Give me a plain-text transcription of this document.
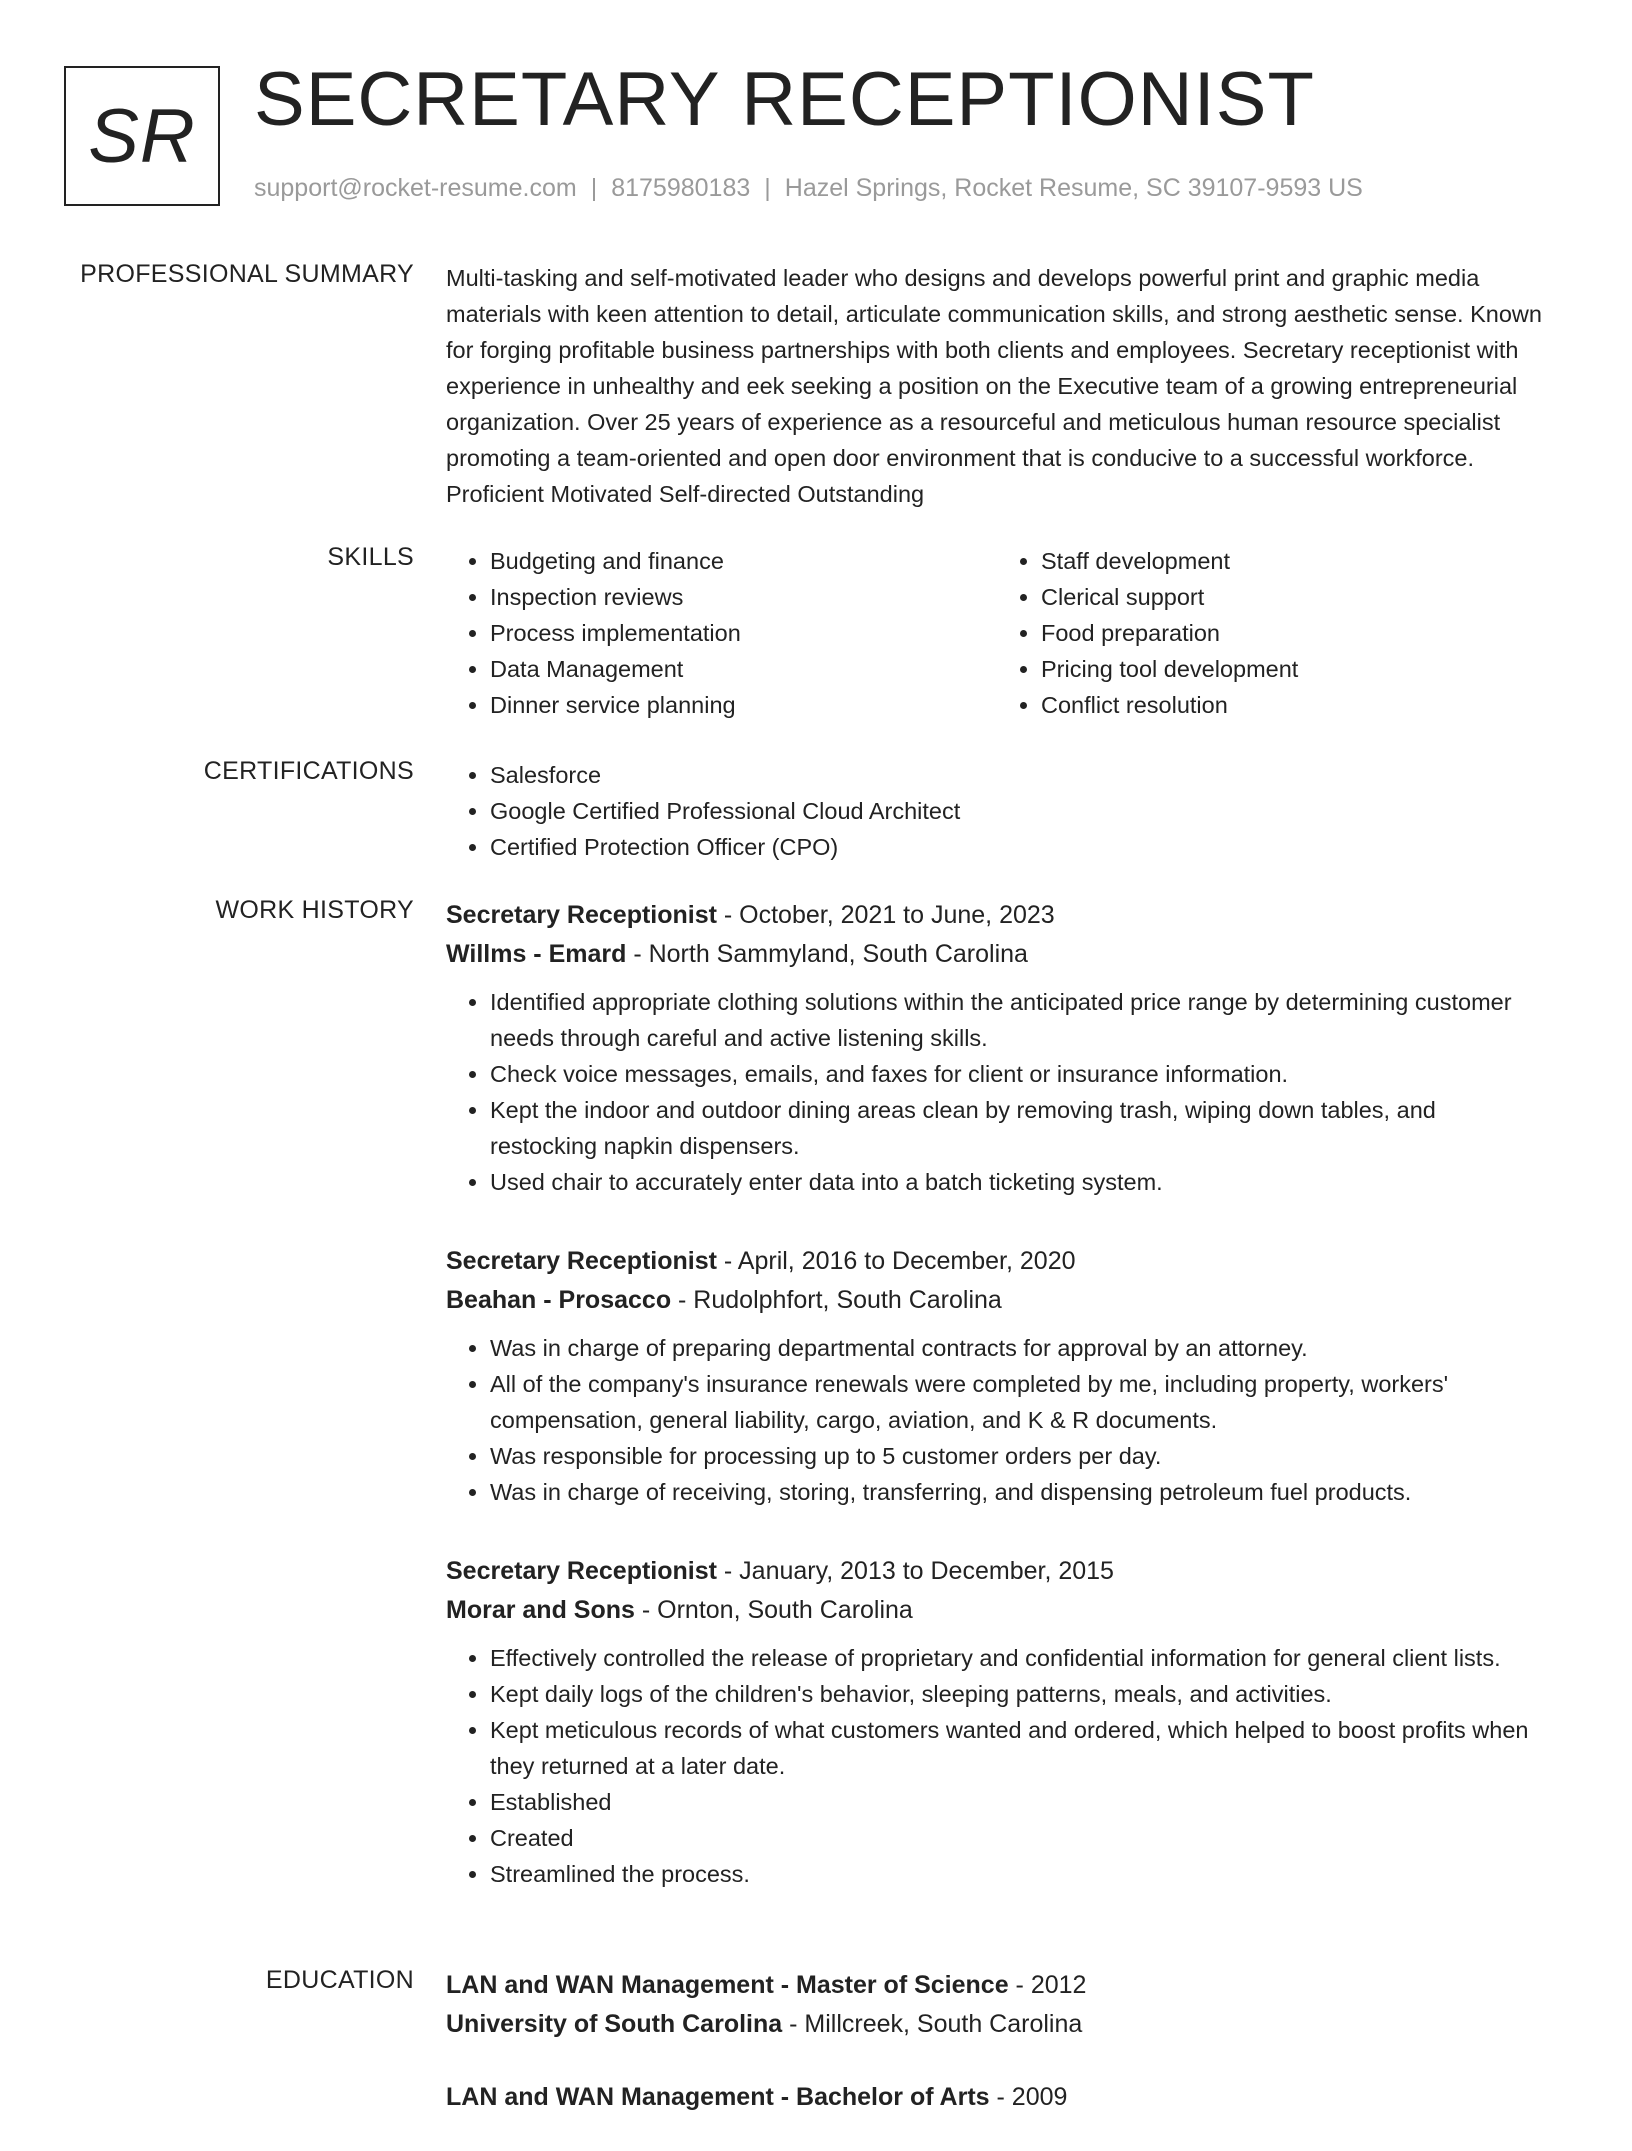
SR SECRETARY RECEPTIONIST
support@rocket-resume.com | 8175980183 | Hazel Springs, Rocket Resume, SC 39107-9593 US
PROFESSIONAL SUMMARY Multi-tasking and self-motivated leader who designs and develops powerful print and graphic media materials with keen attention to detail, articulate communication skills, and strong aesthetic sense. Known for forging profitable business partnerships with both clients and employees. Secretary receptionist with experience in unhealthy and eek seeking a position on the Executive team of a growing entrepreneurial organization. Over 25 years of experience as a resourceful and meticulous human resource specialist promoting a team-oriented and open door environment that is conducive to a successful workforce. Proficient Motivated Self-directed Outstanding

SKILLS	• Budgeting and finance
• Inspection reviews
• Process implementation
• Data Management
• Dinner service planning
• Staff development
• Clerical support
• Food preparation
• Pricing tool development
• Conflict resolution
CERTIFICATIONS	• Salesforce
• Google Certified Professional Cloud Architect
• Certified Protection Officer (CPO)
WORK HISTORY Secretary Receptionist - October, 2021 to June, 2023
Willms - Emard - North Sammyland, South Carolina
• Identified appropriate clothing solutions within the anticipated price range by determining customer needs through careful and active listening skills.
• Check voice messages, emails, and faxes for client or insurance information.
• Kept the indoor and outdoor dining areas clean by removing trash, wiping down tables, and restocking napkin dispensers.
• Used chair to accurately enter data into a batch ticketing system.
Secretary Receptionist - April, 2016 to December, 2020
Beahan - Prosacco - Rudolphfort, South Carolina
• Was in charge of preparing departmental contracts for approval by an attorney.
• All of the company's insurance renewals were completed by me, including property, workers' compensation, general liability, cargo, aviation, and K & R documents.
• Was responsible for processing up to 5 customer orders per day.
• Was in charge of receiving, storing, transferring, and dispensing petroleum fuel products.
Secretary Receptionist - January, 2013 to December, 2015
Morar and Sons - Ornton, South Carolina
• Effectively controlled the release of proprietary and confidential information for general client lists.
• Kept daily logs of the children's behavior, sleeping patterns, meals, and activities.
• Kept meticulous records of what customers wanted and ordered, which helped to boost profits when they returned at a later date.
• Established
• Created
• Streamlined the process.
EDUCATION LAN and WAN Management - Master of Science - 2012
University of South Carolina - Millcreek, South Carolina
LAN and WAN Management - Bachelor of Arts - 2009
